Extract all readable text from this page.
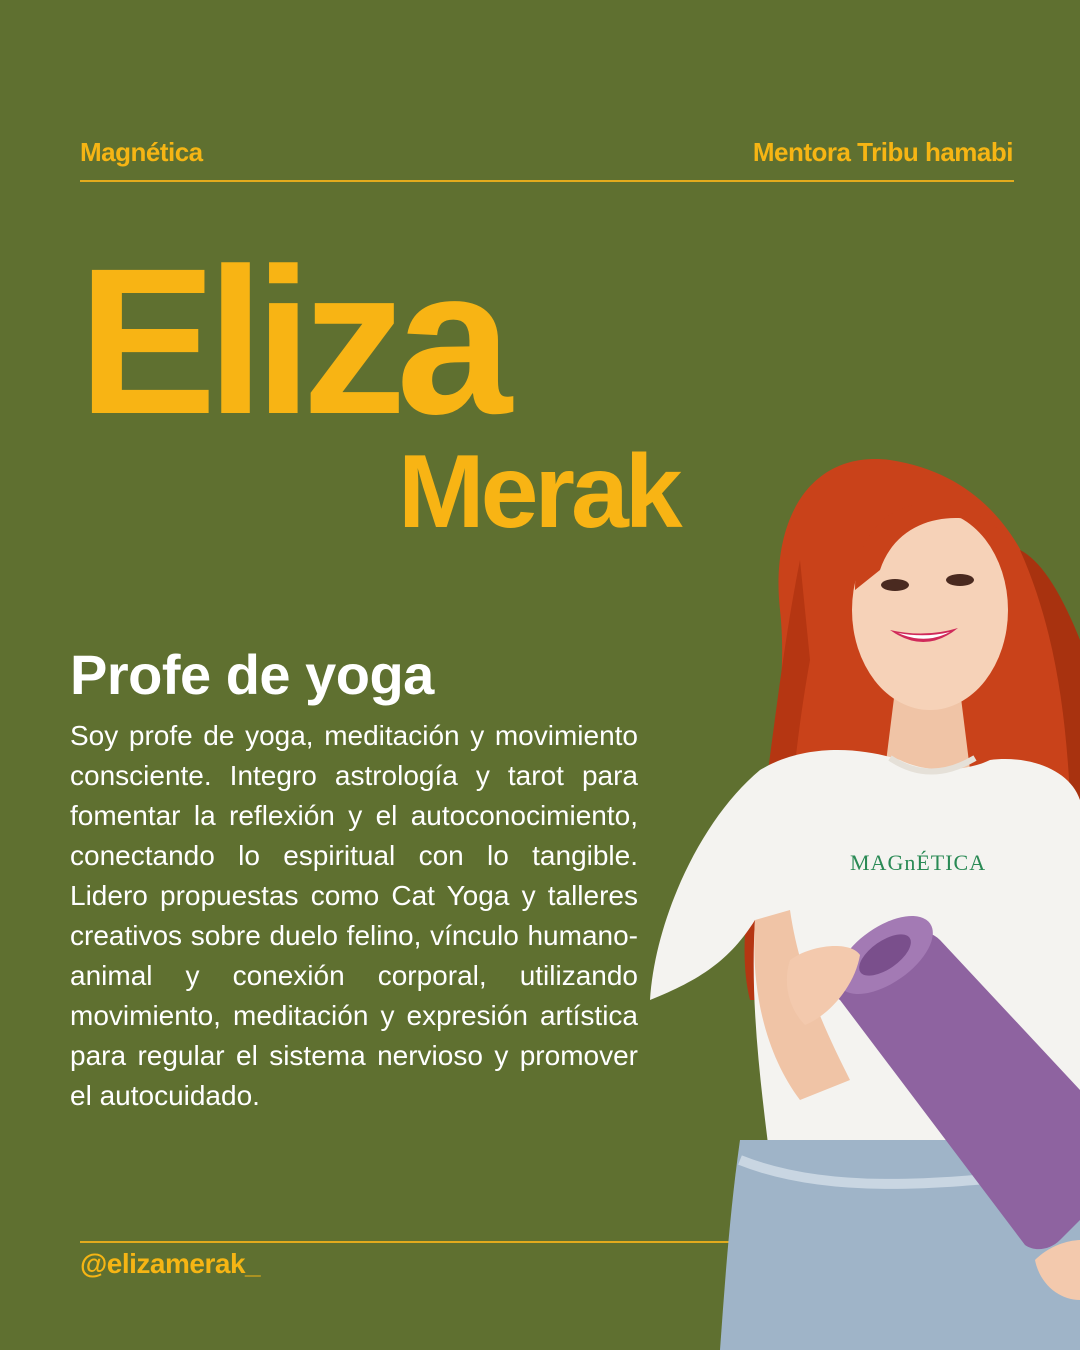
Magnética	Mentora Tribu hamabi
Eliza
Merak
Profe de yoga

Soy profe de yoga, meditación y movimiento consciente. Integro astrología y tarot para fomentar la reflexión y el autoconocimiento, conectando lo espiritual con lo tangible. Lidero propuestas como Cat Yoga y talleres creativos sobre duelo felino, vínculo humano-animal y conexión corporal, utilizando movimiento, meditación y expresión artística para regular el sistema nervioso y promover el autocuidado.

@elizamerak_
MAGnÉTICA
